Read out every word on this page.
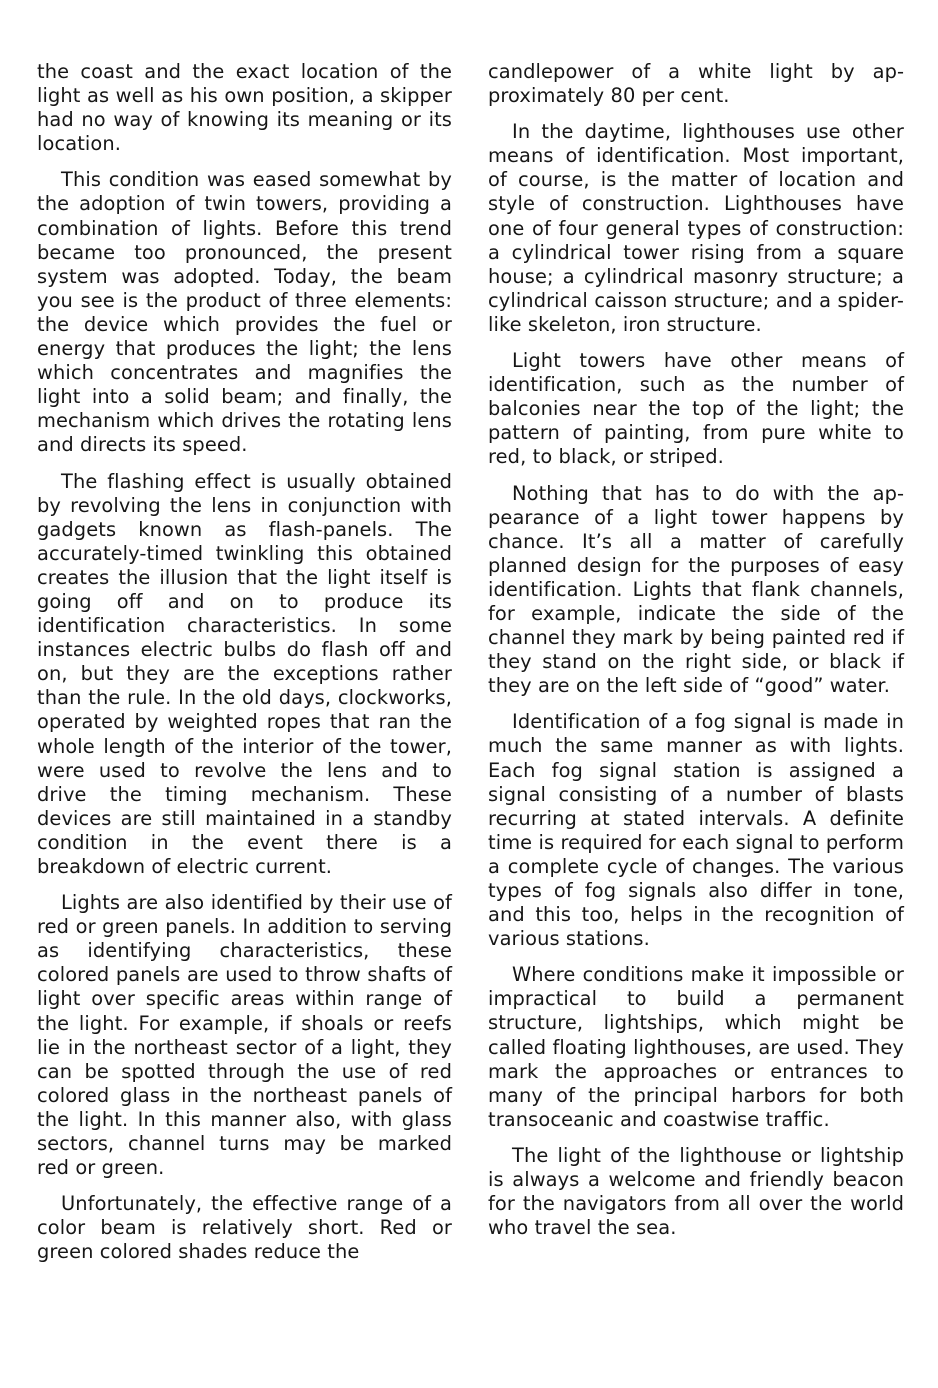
the coast and the exact location of the light as well as his own position, a skipper had no way of knowing its meaning or its location.

This condition was eased somewhat by the adoption of twin towers, providing a combination of lights. Before this trend became too pronounced, the present system was adopted. Today, the beam you see is the product of three elements: the device which provides the fuel or energy that produces the light; the lens which concentrates and magnifies the light into a solid beam; and finally, the mechanism which drives the rotating lens and directs its speed.

The flashing effect is usually obtained by revolving the lens in conjunction with gadgets known as flash-panels. The accurately-timed twinkling this obtained creates the illusion that the light itself is going off and on to produce its identification characteristics. In some instances electric bulbs do flash off and on, but they are the exceptions rather than the rule. In the old days, clockworks, operated by weighted ropes that ran the whole length of the interior of the tower, were used to revolve the lens and to drive the timing mechanism. These devices are still maintained in a standby condition in the event there is a breakdown of electric current.

Lights are also identified by their use of red or green panels. In addition to serving as identifying characteristics, these colored panels are used to throw shafts of light over specific areas within range of the light. For example, if shoals or reefs lie in the northeast sector of a light, they can be spotted through the use of red colored glass in the northeast panels of the light. In this manner also, with glass sectors, channel turns may be marked red or green.

Unfortunately, the effective range of a color beam is relatively short. Red or green colored shades reduce the

candlepower of a white light by approximately 80 per cent.

In the daytime, lighthouses use other means of identification. Most important, of course, is the matter of location and style of construction. Lighthouses have one of four general types of construction: a cylindrical tower rising from a square house; a cylindrical masonry structure; a cylindrical caisson structure; and a spider-like skeleton, iron structure.

Light towers have other means of identification, such as the number of balconies near the top of the light; the pattern of painting, from pure white to red, to black, or striped.

Nothing that has to do with the appearance of a light tower happens by chance. It’s all a matter of carefully planned design for the purposes of easy identification. Lights that flank channels, for example, indicate the side of the channel they mark by being painted red if they stand on the right side, or black if they are on the left side of “good” water.

Identification of a fog signal is made in much the same manner as with lights. Each fog signal station is assigned a signal consisting of a number of blasts recurring at stated intervals. A definite time is required for each signal to perform a complete cycle of changes. The various types of fog signals also differ in tone, and this too, helps in the recognition of various stations.

Where conditions make it impossible or impractical to build a permanent structure, lightships, which might be called floating lighthouses, are used. They mark the approaches or entrances to many of the principal harbors for both transoceanic and coastwise traffic.

The light of the lighthouse or lightship is always a welcome and friendly beacon for the navigators from all over the world who travel the sea.
